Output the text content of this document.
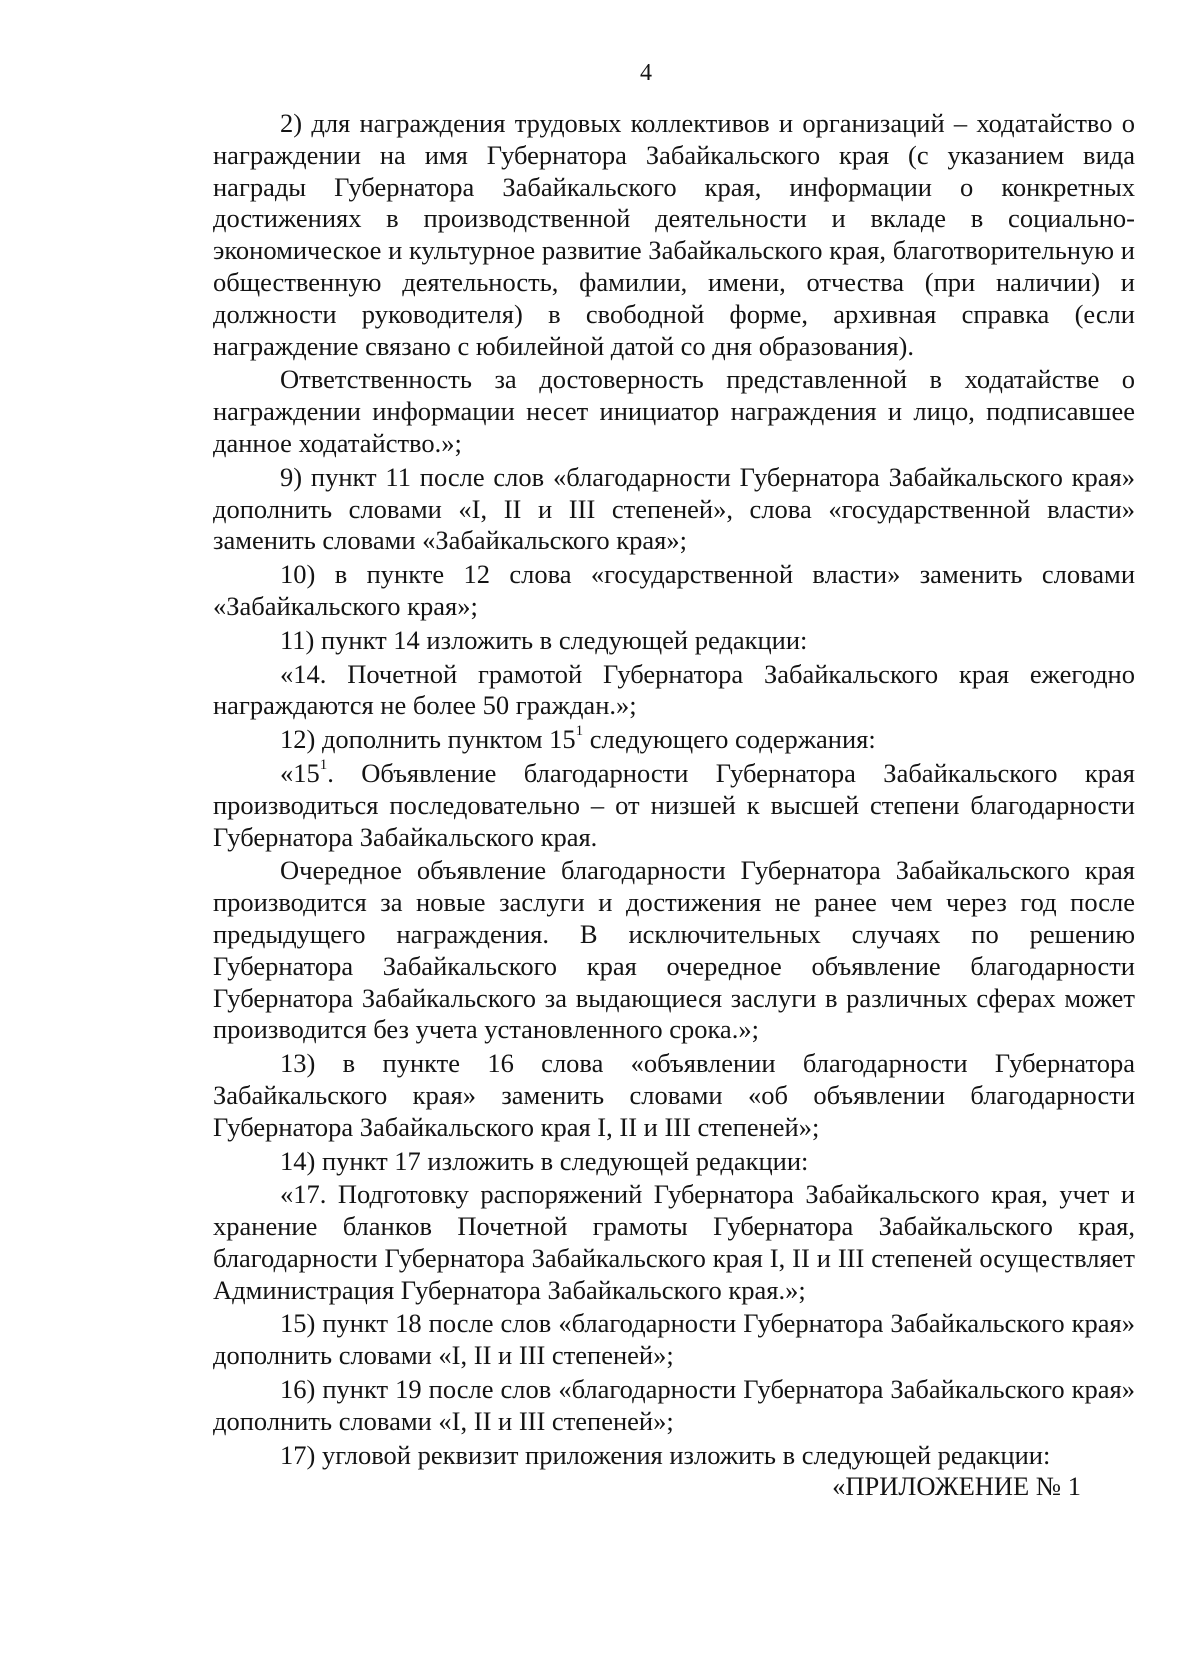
4

2) для награждения трудовых коллективов и организаций – ходатайство о награждении на имя Губернатора Забайкальского края (с указанием вида награды Губернатора Забайкальского края, информации о конкретных достижениях в производственной деятельности и вкладе в социально-экономическое и культурное развитие Забайкальского края, благотворительную и общественную деятельность, фамилии, имени, отчества (при наличии) и должности руководителя) в свободной форме, архивная справка (если награждение связано с юбилейной датой со дня образования).

Ответственность за достоверность представленной в ходатайстве о награждении информации несет инициатор награждения и лицо, подписавшее данное ходатайство.»;

9) пункт 11 после слов «благодарности Губернатора Забайкальского края» дополнить словами «I, II и III степеней», слова «государственной власти» заменить словами «Забайкальского края»;

10) в пункте 12 слова «государственной власти» заменить словами «Забайкальского края»;

11) пункт 14 изложить в следующей редакции:

«14. Почетной грамотой Губернатора Забайкальского края ежегодно награждаются не более 50 граждан.»;

12) дополнить пунктом $15^1$ следующего содержания:

«$15^1$. Объявление благодарности Губернатора Забайкальского края производиться последовательно – от низшей к высшей степени благодарности Губернатора Забайкальского края.

Очередное объявление благодарности Губернатора Забайкальского края производится за новые заслуги и достижения не ранее чем через год после предыдущего награждения. В исключительных случаях по решению Губернатора Забайкальского края очередное объявление благодарности Губернатора Забайкальского за выдающиеся заслуги в различных сферах может производится без учета установленного срока.»;

13) в пункте 16 слова «объявлении благодарности Губернатора Забайкальского края» заменить словами «об объявлении благодарности Губернатора Забайкальского края I, II и III степеней»;

14) пункт 17 изложить в следующей редакции:

«17. Подготовку распоряжений Губернатора Забайкальского края, учет и хранение бланков Почетной грамоты Губернатора Забайкальского края, благодарности Губернатора Забайкальского края I, II и III степеней осуществляет Администрация Губернатора Забайкальского края.»;

15) пункт 18 после слов «благодарности Губернатора Забайкальского края» дополнить словами «I, II и III степеней»;

16) пункт 19 после слов «благодарности Губернатора Забайкальского края» дополнить словами «I, II и III степеней»;

17) угловой реквизит приложения изложить в следующей редакции:

«ПРИЛОЖЕНИЕ № 1
